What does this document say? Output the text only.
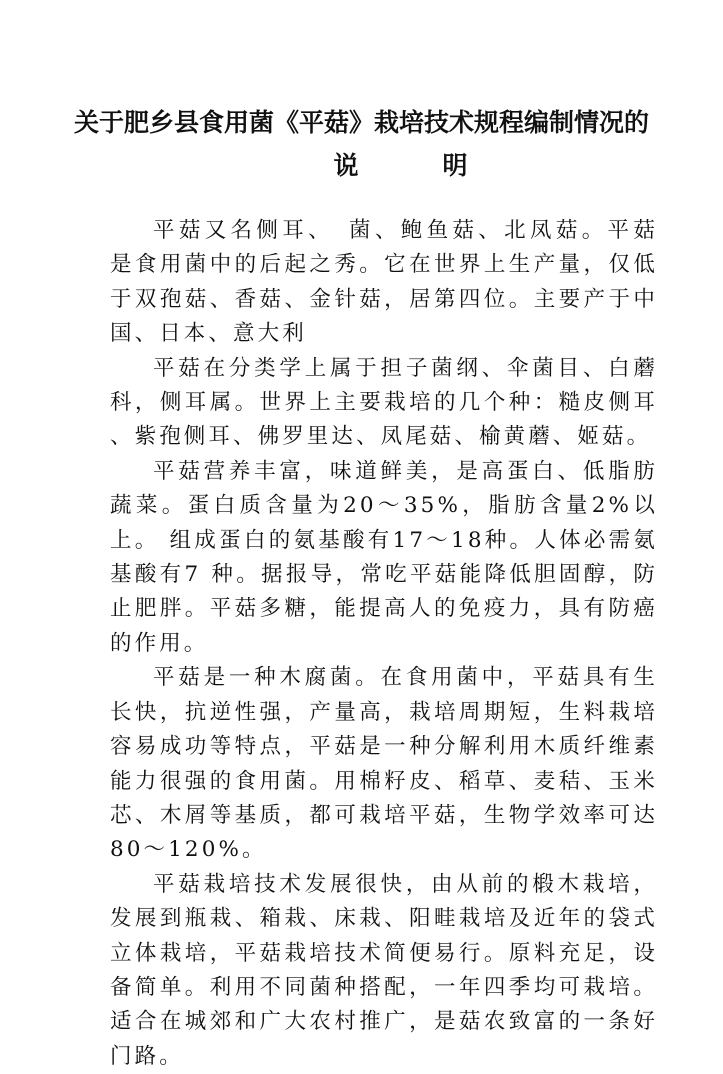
关于肥乡县食用菌《平菇》栽培技术规程编制情况的
说	明

平菇又名侧耳、　菌、鲍鱼菇、北凤菇。平菇是食用菌中的后起之秀。它在世界上生产量，仅低于双孢菇、香菇、金针菇，居第四位。主要产于中国、日本、意大利

平菇在分类学上属于担子菌纲、伞菌目、白蘑科，侧耳属。世界上主要栽培的几个种：糙皮侧耳、紫孢侧耳、佛罗里达、凤尾菇、榆黄蘑、姬菇。

平菇营养丰富，味道鲜美，是高蛋白、低脂肪蔬菜。蛋白质含量为20～35%，脂肪含量2%以上。 组成蛋白的氨基酸有17～18种。人体必需氨基酸有7 种。据报导，常吃平菇能降低胆固醇，防止肥胖。平菇多糖，能提高人的免疫力，具有防癌的作用。

平菇是一种木腐菌。在食用菌中，平菇具有生长快，抗逆性强，产量高，栽培周期短，生料栽培容易成功等特点，平菇是一种分解利用木质纤维素能力很强的食用菌。用棉籽皮、稻草、麦秸、玉米芯、木屑等基质，都可栽培平菇，生物学效率可达80～120%。

平菇栽培技术发展很快，由从前的椴木栽培，发展到瓶栽、箱栽、床栽、阳畦栽培及近年的袋式立体栽培，平菇栽培技术简便易行。原料充足，设备简单。利用不同菌种搭配，一年四季均可栽培。适合在城郊和广大农村推广，是菇农致富的一条好门路。
